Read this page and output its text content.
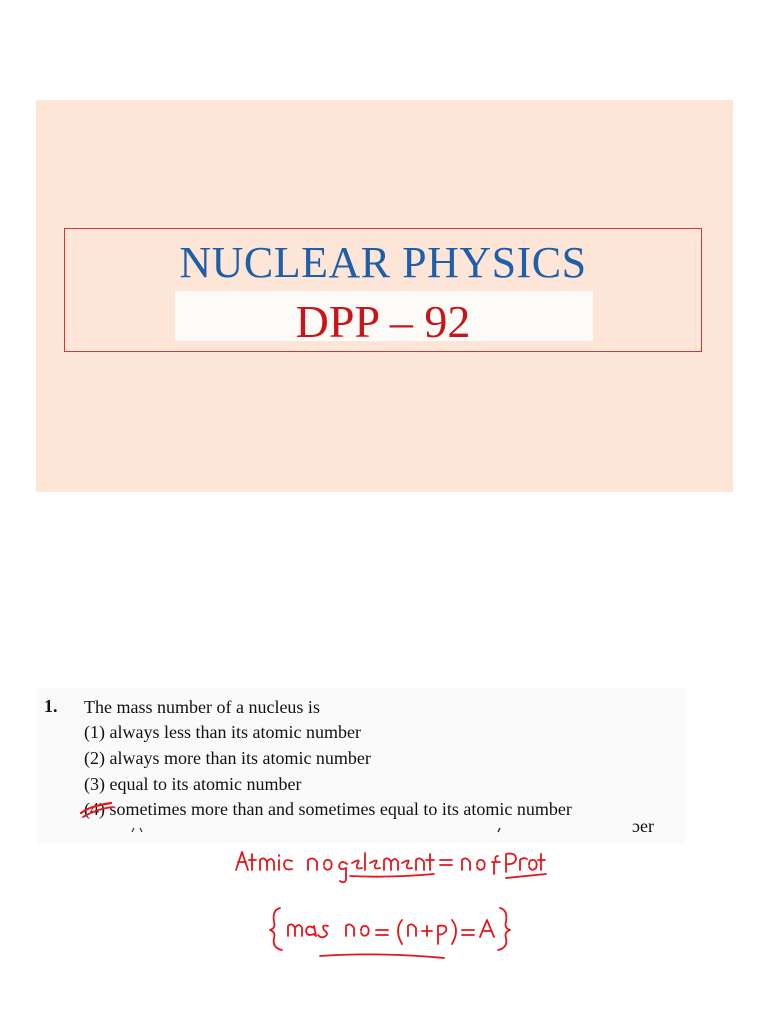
NUCLEAR PHYSICS
DPP – 92
1. The mass number of a nucleus is
(1) always less than its atomic number
(2) always more than its atomic number
(3) equal to its atomic number
(4) sometimes more than and sometimes equal to its atomic number
ɔer
